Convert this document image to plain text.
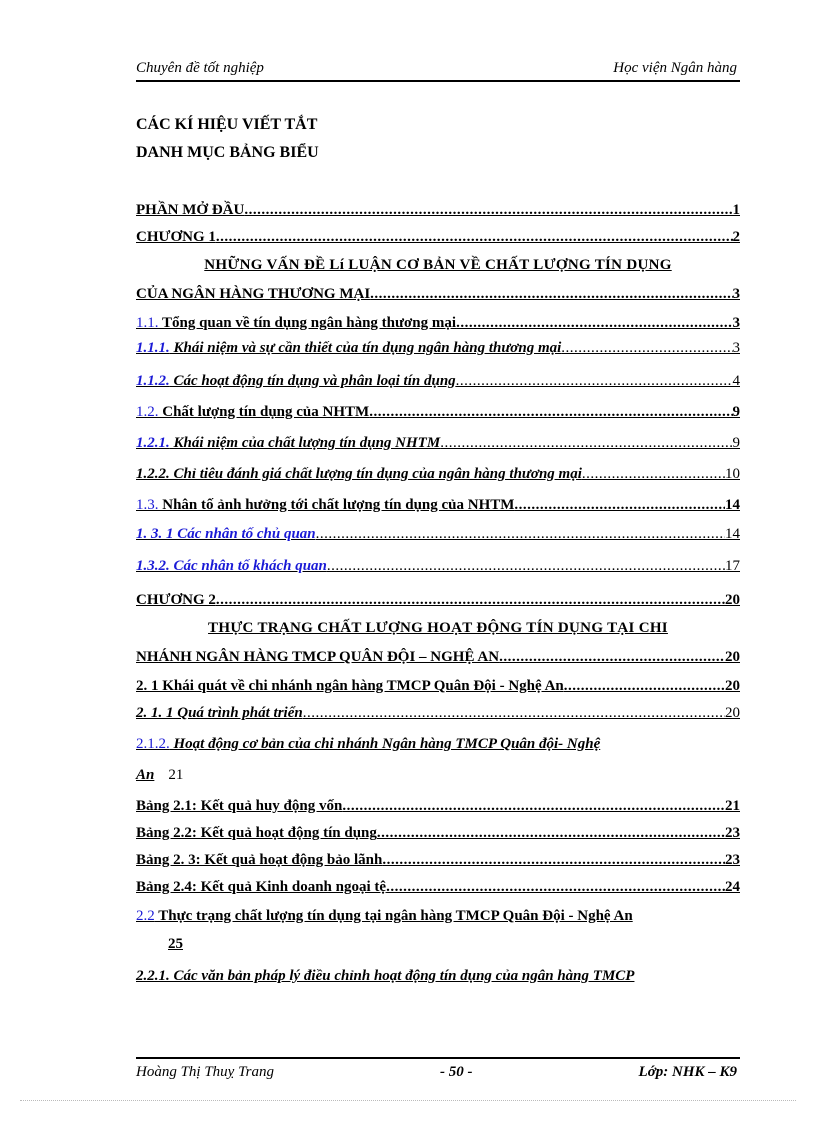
Chuyên đề tốt nghiệp	Học viện Ngân hàng
CÁC KÍ HIỆU VIẾT TẮT
DANH MỤC BẢNG BIỂU
PHẦN MỞ ĐẦU .....	1
CHƯƠNG 1 .....	2
NHỮNG VẤN ĐỀ Lí LUẬN CƠ BẢN VỀ CHẤT LƯỢNG TÍN DỤNG
CỦA NGÂN HÀNG THƯƠNG MẠI .....	3
1.1. Tổng quan về tín dụng ngân hàng thương mại .....	3
1.1.1. Khái niệm và sự cần thiết của tín dụng ngân hàng thương mại .....	3
1.1.2. Các hoạt động tín dụng và phân loại tín dụng .....	4
1.2. Chất lượng tín dụng của NHTM .....	9
1.2.1. Khái niệm của chất lượng tín dụng NHTM .....	9
1.2.2. Chỉ tiêu đánh giá chất lượng tín dụng của ngân hàng thương mại .....	10
1.3. Nhân tố ảnh hưởng tới chất lượng tín dụng của NHTM .....	14
1. 3. 1 Các nhân tố chủ quan .....	14
1.3.2. Các nhân tố khách quan .....	17
CHƯƠNG 2 .....	20
THỰC TRẠNG CHẤT LƯỢNG HOẠT ĐỘNG TÍN DỤNG TẠI CHI
NHÁNH NGÂN HÀNG TMCP QUÂN ĐỘI – NGHỆ AN .....	20
2. 1 Khái quát về chi nhánh ngân hàng TMCP Quân Đội - Nghệ An .....	20
2. 1. 1 Quá trình phát triển .....	20
2.1.2. Hoạt động cơ bản của chi nhánh Ngân hàng TMCP Quân đội- Nghệ
An 21
Bảng 2.1: Kết quả huy động vốn .....	21
Bảng 2.2: Kết quả hoạt động tín dụng .....	23
Bảng 2. 3: Kết quả hoạt động bảo lãnh .....	23
Bảng 2.4: Kết quả Kinh doanh ngoại tệ .....	24
2.2 Thực trạng chất lượng tín dụng tại ngân hàng TMCP Quân Đội - Nghệ An
25
2.2.1. Các văn bản pháp lý điều chỉnh hoạt động tín dụng của ngân hàng TMCP
Hoàng Thị Thuỵ Trang	- 50 -	Lớp: NHK – K9
